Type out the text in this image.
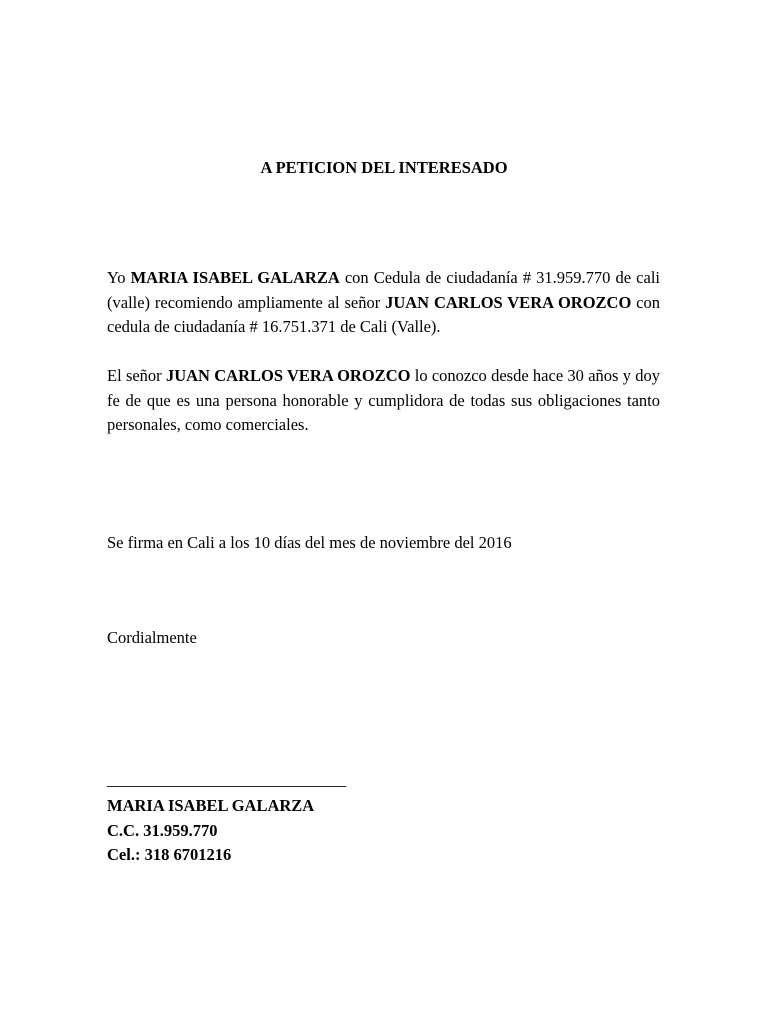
A PETICION DEL INTERESADO

Yo MARIA ISABEL GALARZA con Cedula de ciudadanía # 31.959.770 de cali (valle) recomiendo ampliamente al señor JUAN CARLOS VERA OROZCO con cedula de ciudadanía # 16.751.371 de Cali (Valle).

El señor JUAN CARLOS VERA OROZCO lo conozco desde hace 30 años y doy fe de que es una persona honorable y cumplidora de todas sus obligaciones tanto personales, como comerciales.

Se firma en Cali a los 10 días del mes de noviembre del 2016

Cordialmente

_____________________________

MARIA ISABEL GALARZA
C.C. 31.959.770
Cel.: 318 6701216
